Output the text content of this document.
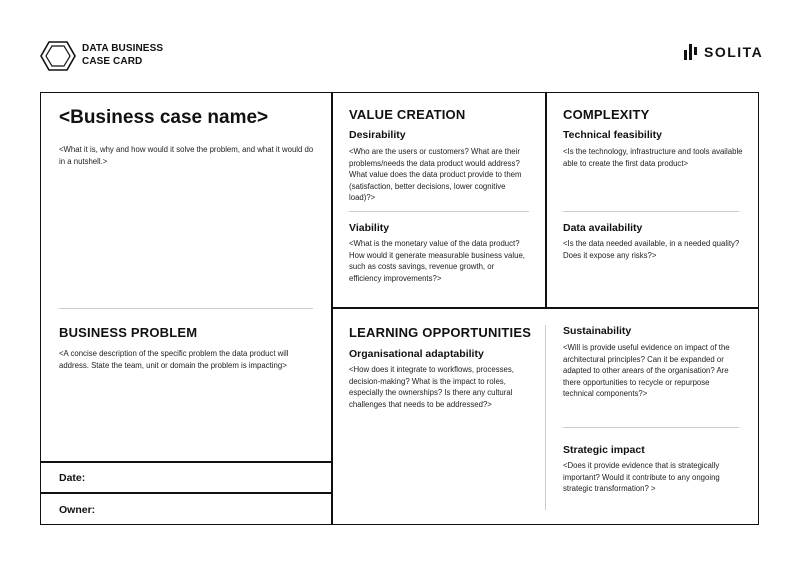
DATA BUSINESS
CASE CARD
SOLITA
<Business case name>
<What it is, why and how would it solve the problem, and what it would do in a nutshell.>
BUSINESS PROBLEM
<A concise description of the specific problem the data product will address. State the team, unit or domain the problem is impacting>
Date:
Owner:
VALUE CREATION
Desirability
<Who are the users or customers? What are their problems/needs the data product would address? What value does the data product provide to them (satisfaction, better decisions, lower cognitive load)?>
Viability
<What is the monetary value of the data product? How would it generate measurable business value, such as costs savings, revenue growth, or efficiency improvements?>
COMPLEXITY
Technical feasibility
<Is the technology, infrastructure and tools available able to create the first data product>
Data availability
<Is the data needed available, in a needed quality? Does it expose any risks?>
LEARNING OPPORTUNITIES
Organisational adaptability
<How does it integrate to workflows, processes, decision-making? What is the impact to roles, especially the ownerships? Is there any cultural challenges that needs to be addressed?>
Sustainability
<Will is provide useful evidence on impact of the architectural principles? Can it be expanded or adapted to other arears of the organisation? Are there opportunities to recycle or repurpose technical components?>
Strategic impact
<Does it provide evidence that is strategically important? Would it contribute to any ongoing strategic transformation? >
